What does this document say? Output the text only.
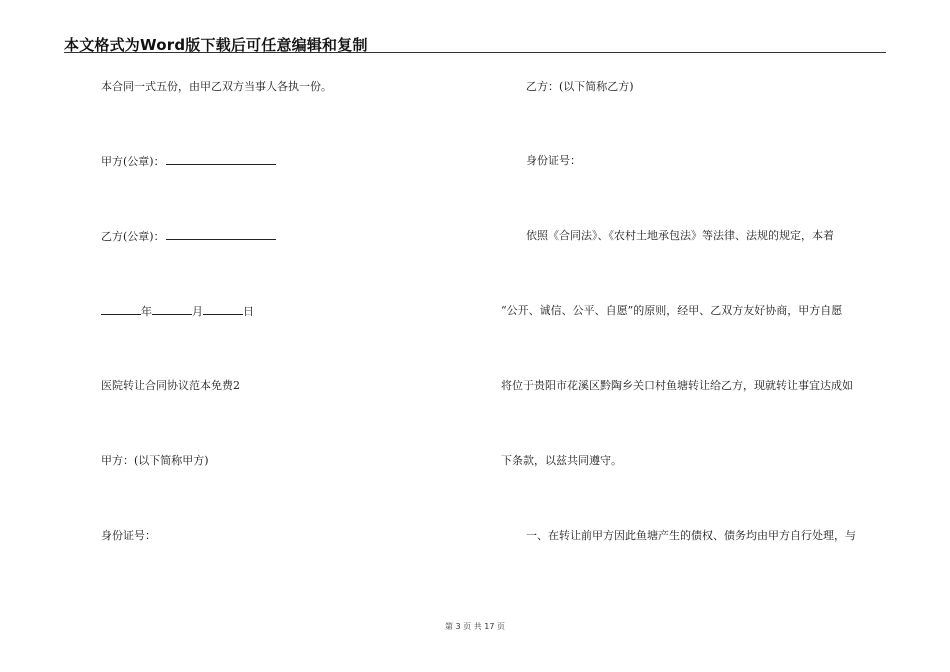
本文格式为Word版下载后可任意编辑和复制
本合同一式五份，由甲乙双方当事人各执一份。
甲方(公章)：
乙方(公章)：
年	月	日
医院转让合同协议范本免费2
甲方：(以下简称甲方)
身份证号：
乙方：(以下简称乙方)
身份证号：
依照《合同法》、《农村土地承包法》等法律、法规的规定，本着
“公开、诚信、公平、自愿”的原则，经甲、乙双方友好协商，甲方自愿
将位于贵阳市花溪区黔陶乡关口村鱼塘转让给乙方，现就转让事宜达成如
下条款，以兹共同遵守。
一、在转让前甲方因此鱼塘产生的债权、债务均由甲方自行处理，与
第 3 页 共 17 页
